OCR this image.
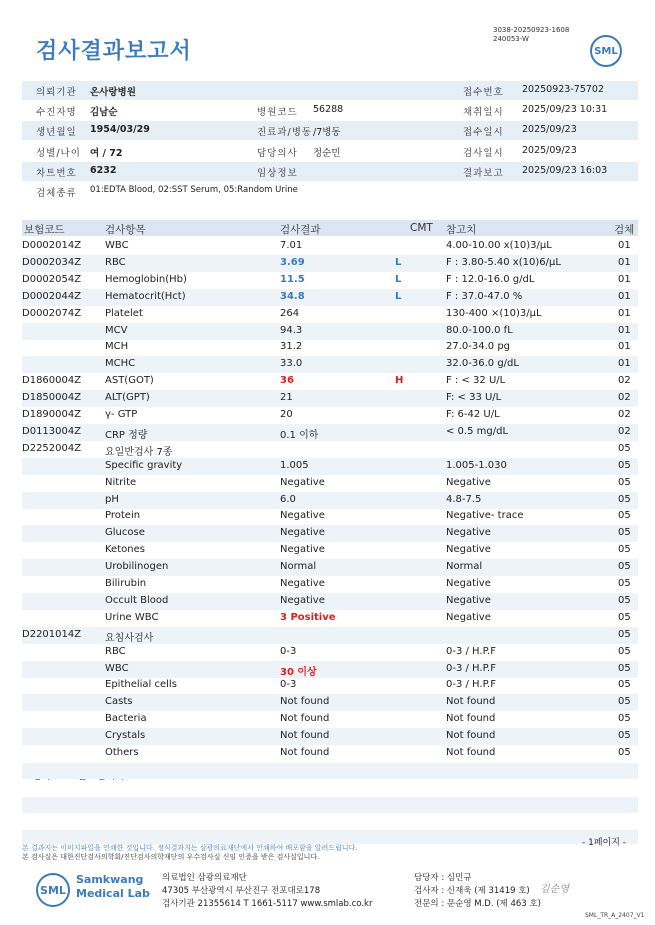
검사결과보고서
3038-20250923-1608
240053-W
SML
의뢰기관 온사랑병원	접수번호 20250923-75702
수진자명 김남순	병원코드 56288	채취일시 2025/09/23 10:31
생년월일 1954/03/29	진료과/병동 /7병동	접수일시 2025/09/23
성별/나이 여 / 72	담당의사 정순민	검사일시 2025/09/23
차트번호 6232	임상정보	결과보고 2025/09/23 16:03
검체종류 01:EDTA Blood, 02:SST Serum, 05:Random Urine
보험코드	검사항목	검사결과	CMT 참고치	검체
D0002014Z WBC	7.01	4.00-10.00 x(10)3/μL	01
D0002034Z RBC	3.69	L	F : 3.80-5.40 x(10)6/μL	01
D0002054Z Hemoglobin(Hb)	11.5	L	F : 12.0-16.0 g/dL	01
D0002044Z Hematocrit(Hct)	34.8	L	F : 37.0-47.0 %	01
D0002074Z Platelet	264	130-400 ×(10)3/μL	01
MCV	94.3	80.0-100.0 fL	01
MCH	31.2	27.0-34.0 pg	01
MCHC	33.0	32.0-36.0 g/dL	01
D1860004Z AST(GOT)	36	H	F : < 32 U/L	02
D1850004Z ALT(GPT)	21	F: < 33 U/L	02
D1890004Z γ- GTP	20	F: 6-42 U/L	02
D0113004Z CRP 정량	0.1 이하	< 0.5 mg/dL	02
D2252004Z 요일반검사 7종	05
Specific gravity	1.005	1.005-1.030	05
Nitrite	Negative	Negative	05
pH	6.0	4.8-7.5	05
Protein	Negative	Negative- trace	05
Glucose	Negative	Negative	05
Ketones	Negative	Negative	05
Urobilinogen	Normal	Normal	05
Bilirubin	Negative	Negative	05
Occult Blood	Negative	Negative	05
Urine WBC	3 Positive	Negative	05
D2201014Z 요침사검사	05
RBC	0-3	0-3 / H.P.F	05
WBC	30 이상	0-3 / H.P.F	05
Epithelial cells	0-3	0-3 / H.P.F	05
Casts	Not found	Not found	05
Bacteria	Not found	Not found	05
Crystals	Not found	Not found	05
Others	Not found	Not found	05
본 결과지는 이미지파일을 인쇄한 것입니다. 정식결과지는 삼광의료재단에서 인쇄하여 배포함을 알려드립니다.
본 검사실은 대한진단검사의학회/진단검사의학재단의 우수검사실 신임 인증을 받은 검사실입니다.
- 1페이지 -
SML
Samkwang
Medical Lab
의료법인 삼광의료재단
47305 부산광역시 부산진구 전포대로178
검사기관 21355614 T 1661-5117 www.smlab.co.kr
담당자 : 심민규
검사자 : 신재욱 (제 31419 호)
전문의 : 문순영 M.D. (제 463 호)
김순영
SML_TR_A_2407_V1
